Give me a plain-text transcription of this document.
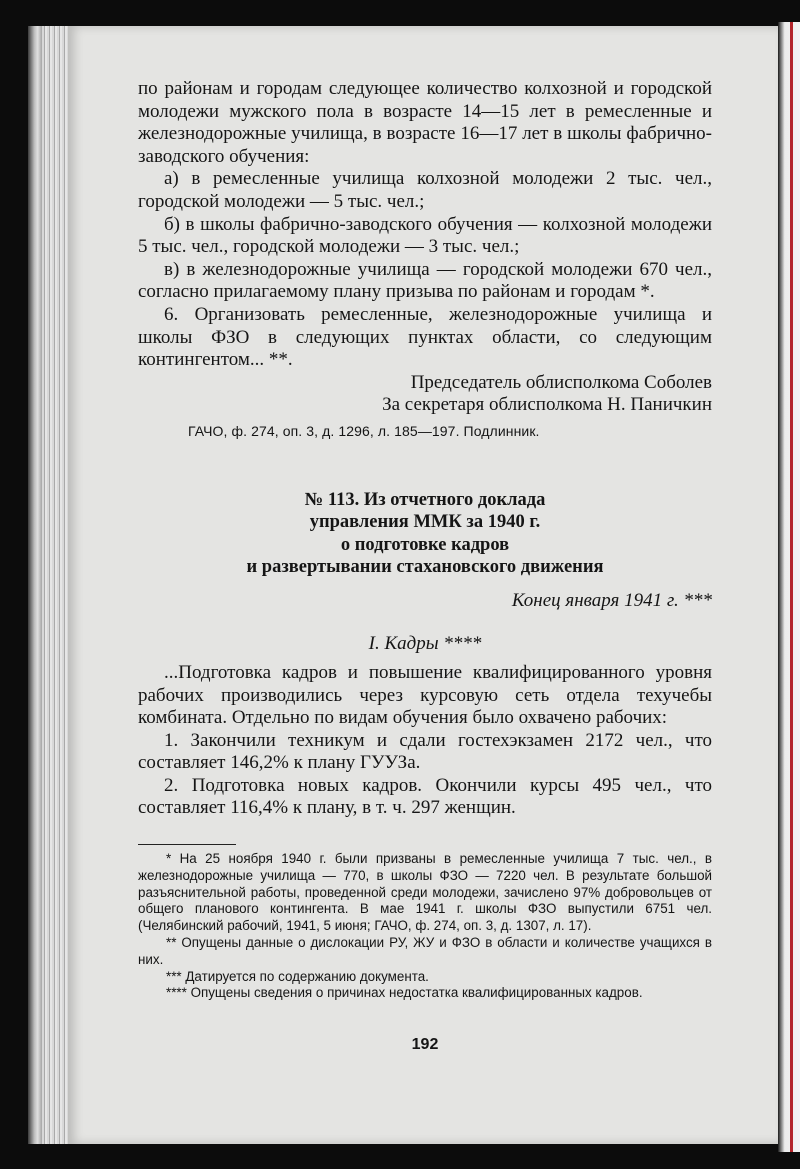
по районам и городам следующее количество колхозной и городской молодежи мужского пола в возрасте 14—15 лет в ремесленные и железнодорожные училища, в возрасте 16—17 лет в школы фабрично-заводского обучения:

а) в ремесленные училища колхозной молодежи 2 тыс. чел., городской молодежи — 5 тыс. чел.;

б) в школы фабрично-заводского обучения — колхозной молодежи 5 тыс. чел., городской молодежи — 3 тыс. чел.;

в) в железнодорожные училища — городской молодежи 670 чел., согласно прилагаемому плану призыва по районам и городам *.

6. Организовать ремесленные, железнодорожные училища и школы ФЗО в следующих пунктах области, со следующим контингентом... **.

Председатель облисполкома Соболев
За секретаря облисполкома Н. Паничкин
ГАЧО, ф. 274, оп. 3, д. 1296, л. 185—197. Подлинник.
№ 113. Из отчетного доклада
управления ММК за 1940 г.
о подготовке кадров
и развертывании стахановского движения
Конец января 1941 г. ***
I. Кадры ****

...Подготовка кадров и повышение квалифицированного уровня рабочих производились через курсовую сеть отдела техучебы комбината. Отдельно по видам обучения было охвачено рабочих:

1. Закончили техникум и сдали гостехэкзамен 2172 чел., что составляет 146,2% к плану ГУУЗа.

2. Подготовка новых кадров. Окончили курсы 495 чел., что составляет 116,4% к плану, в т. ч. 297 женщин.

* На 25 ноября 1940 г. были призваны в ремесленные училища 7 тыс. чел., в железнодорожные училища — 770, в школы ФЗО — 7220 чел. В результате большой разъяснительной работы, проведенной среди молодежи, зачислено 97% добровольцев от общего планового контингента. В мае 1941 г. школы ФЗО выпустили 6751 чел. (Челябинский рабочий, 1941, 5 июня; ГАЧО, ф. 274, оп. 3, д. 1307, л. 17).

** Опущены данные о дислокации РУ, ЖУ и ФЗО в области и количестве учащихся в них.

*** Датируется по содержанию документа.

**** Опущены сведения о причинах недостатка квалифицированных кадров.

192
